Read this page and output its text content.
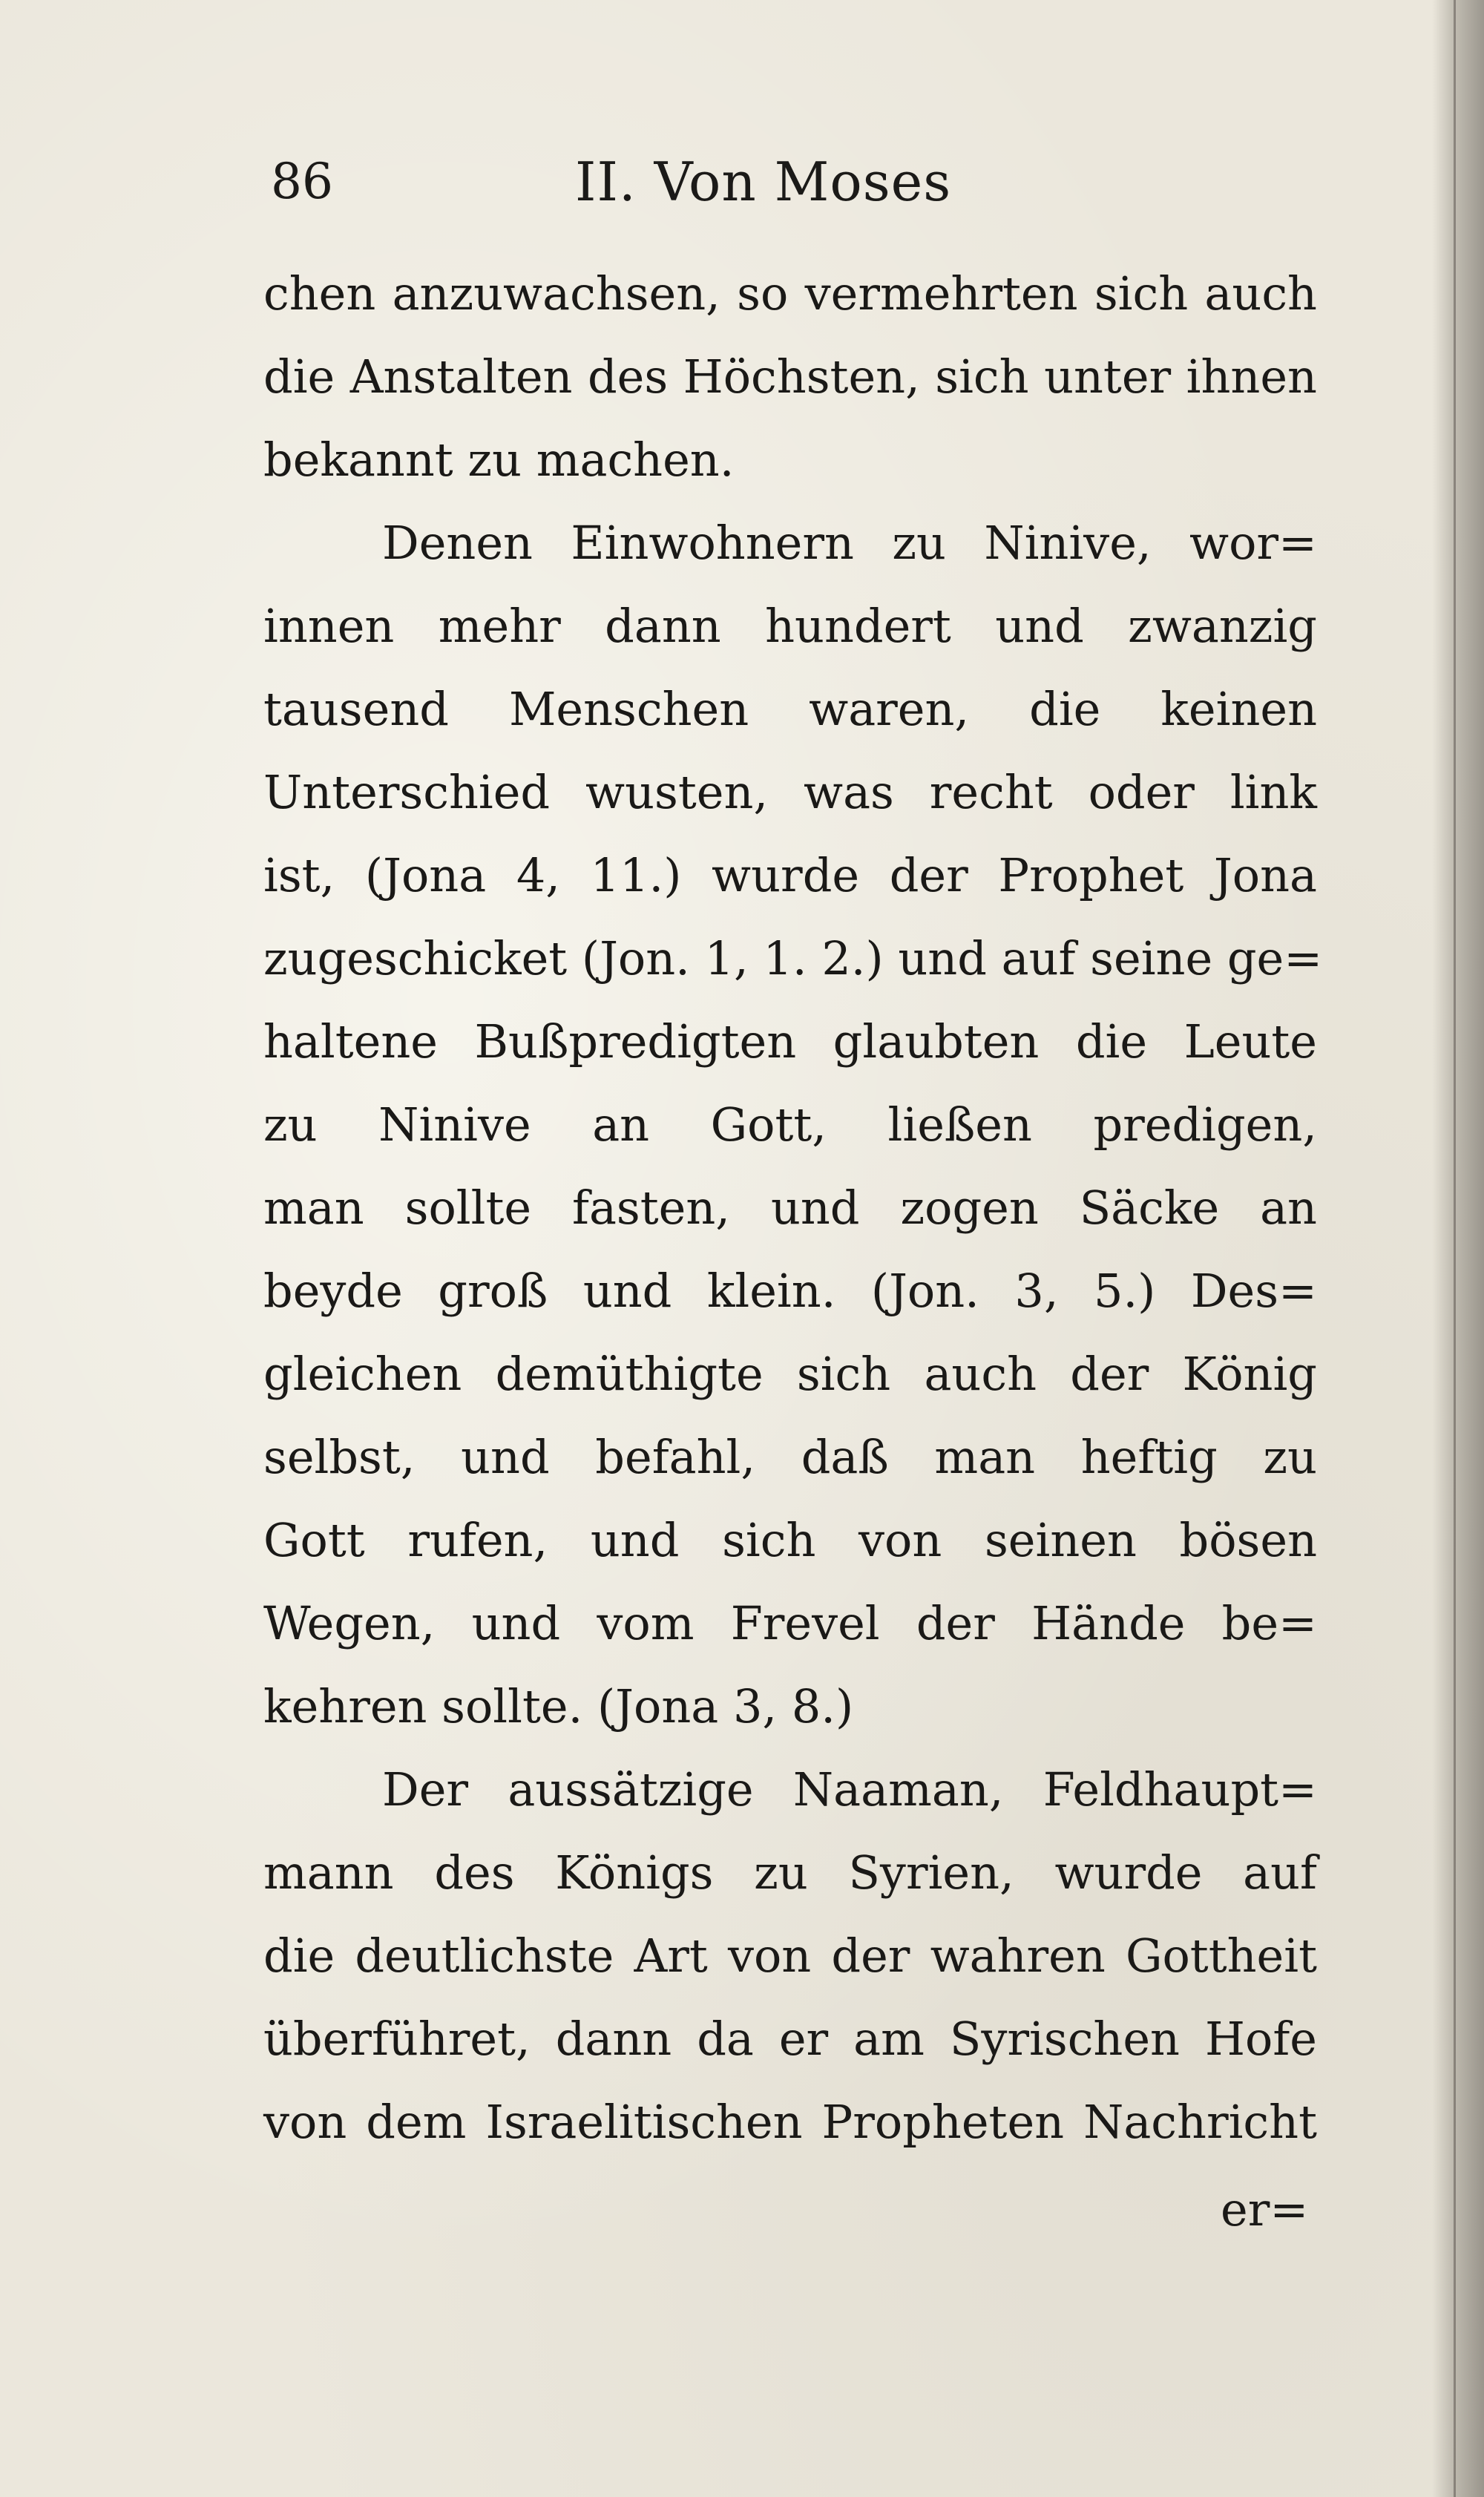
86	II. Von Moses
chen anzuwachsen, so vermehrten sich auch
die Anstalten des Höchsten, sich unter ihnen
bekannt zu machen.
Denen Einwohnern zu Ninive, wor=
innen mehr dann hundert und zwanzig
tausend Menschen waren, die keinen
Unterschied wusten, was recht oder link
ist, (Jona 4, 11.) wurde der Prophet Jona
zugeschicket (Jon. 1, 1. 2.) und auf seine ge=
haltene Bußpredigten glaubten die Leute
zu Ninive an Gott, ließen predigen,
man sollte fasten, und zogen Säcke an
beyde groß und klein. (Jon. 3, 5.) Des=
gleichen demüthigte sich auch der König
selbst, und befahl, daß man heftig zu
Gott rufen, und sich von seinen bösen
Wegen, und vom Frevel der Hände be=
kehren sollte. (Jona 3, 8.)
Der aussätzige Naaman, Feldhaupt=
mann des Königs zu Syrien, wurde auf
die deutlichste Art von der wahren Gottheit
überführet, dann da er am Syrischen Hofe
von dem Israelitischen Propheten Nachricht
er=
